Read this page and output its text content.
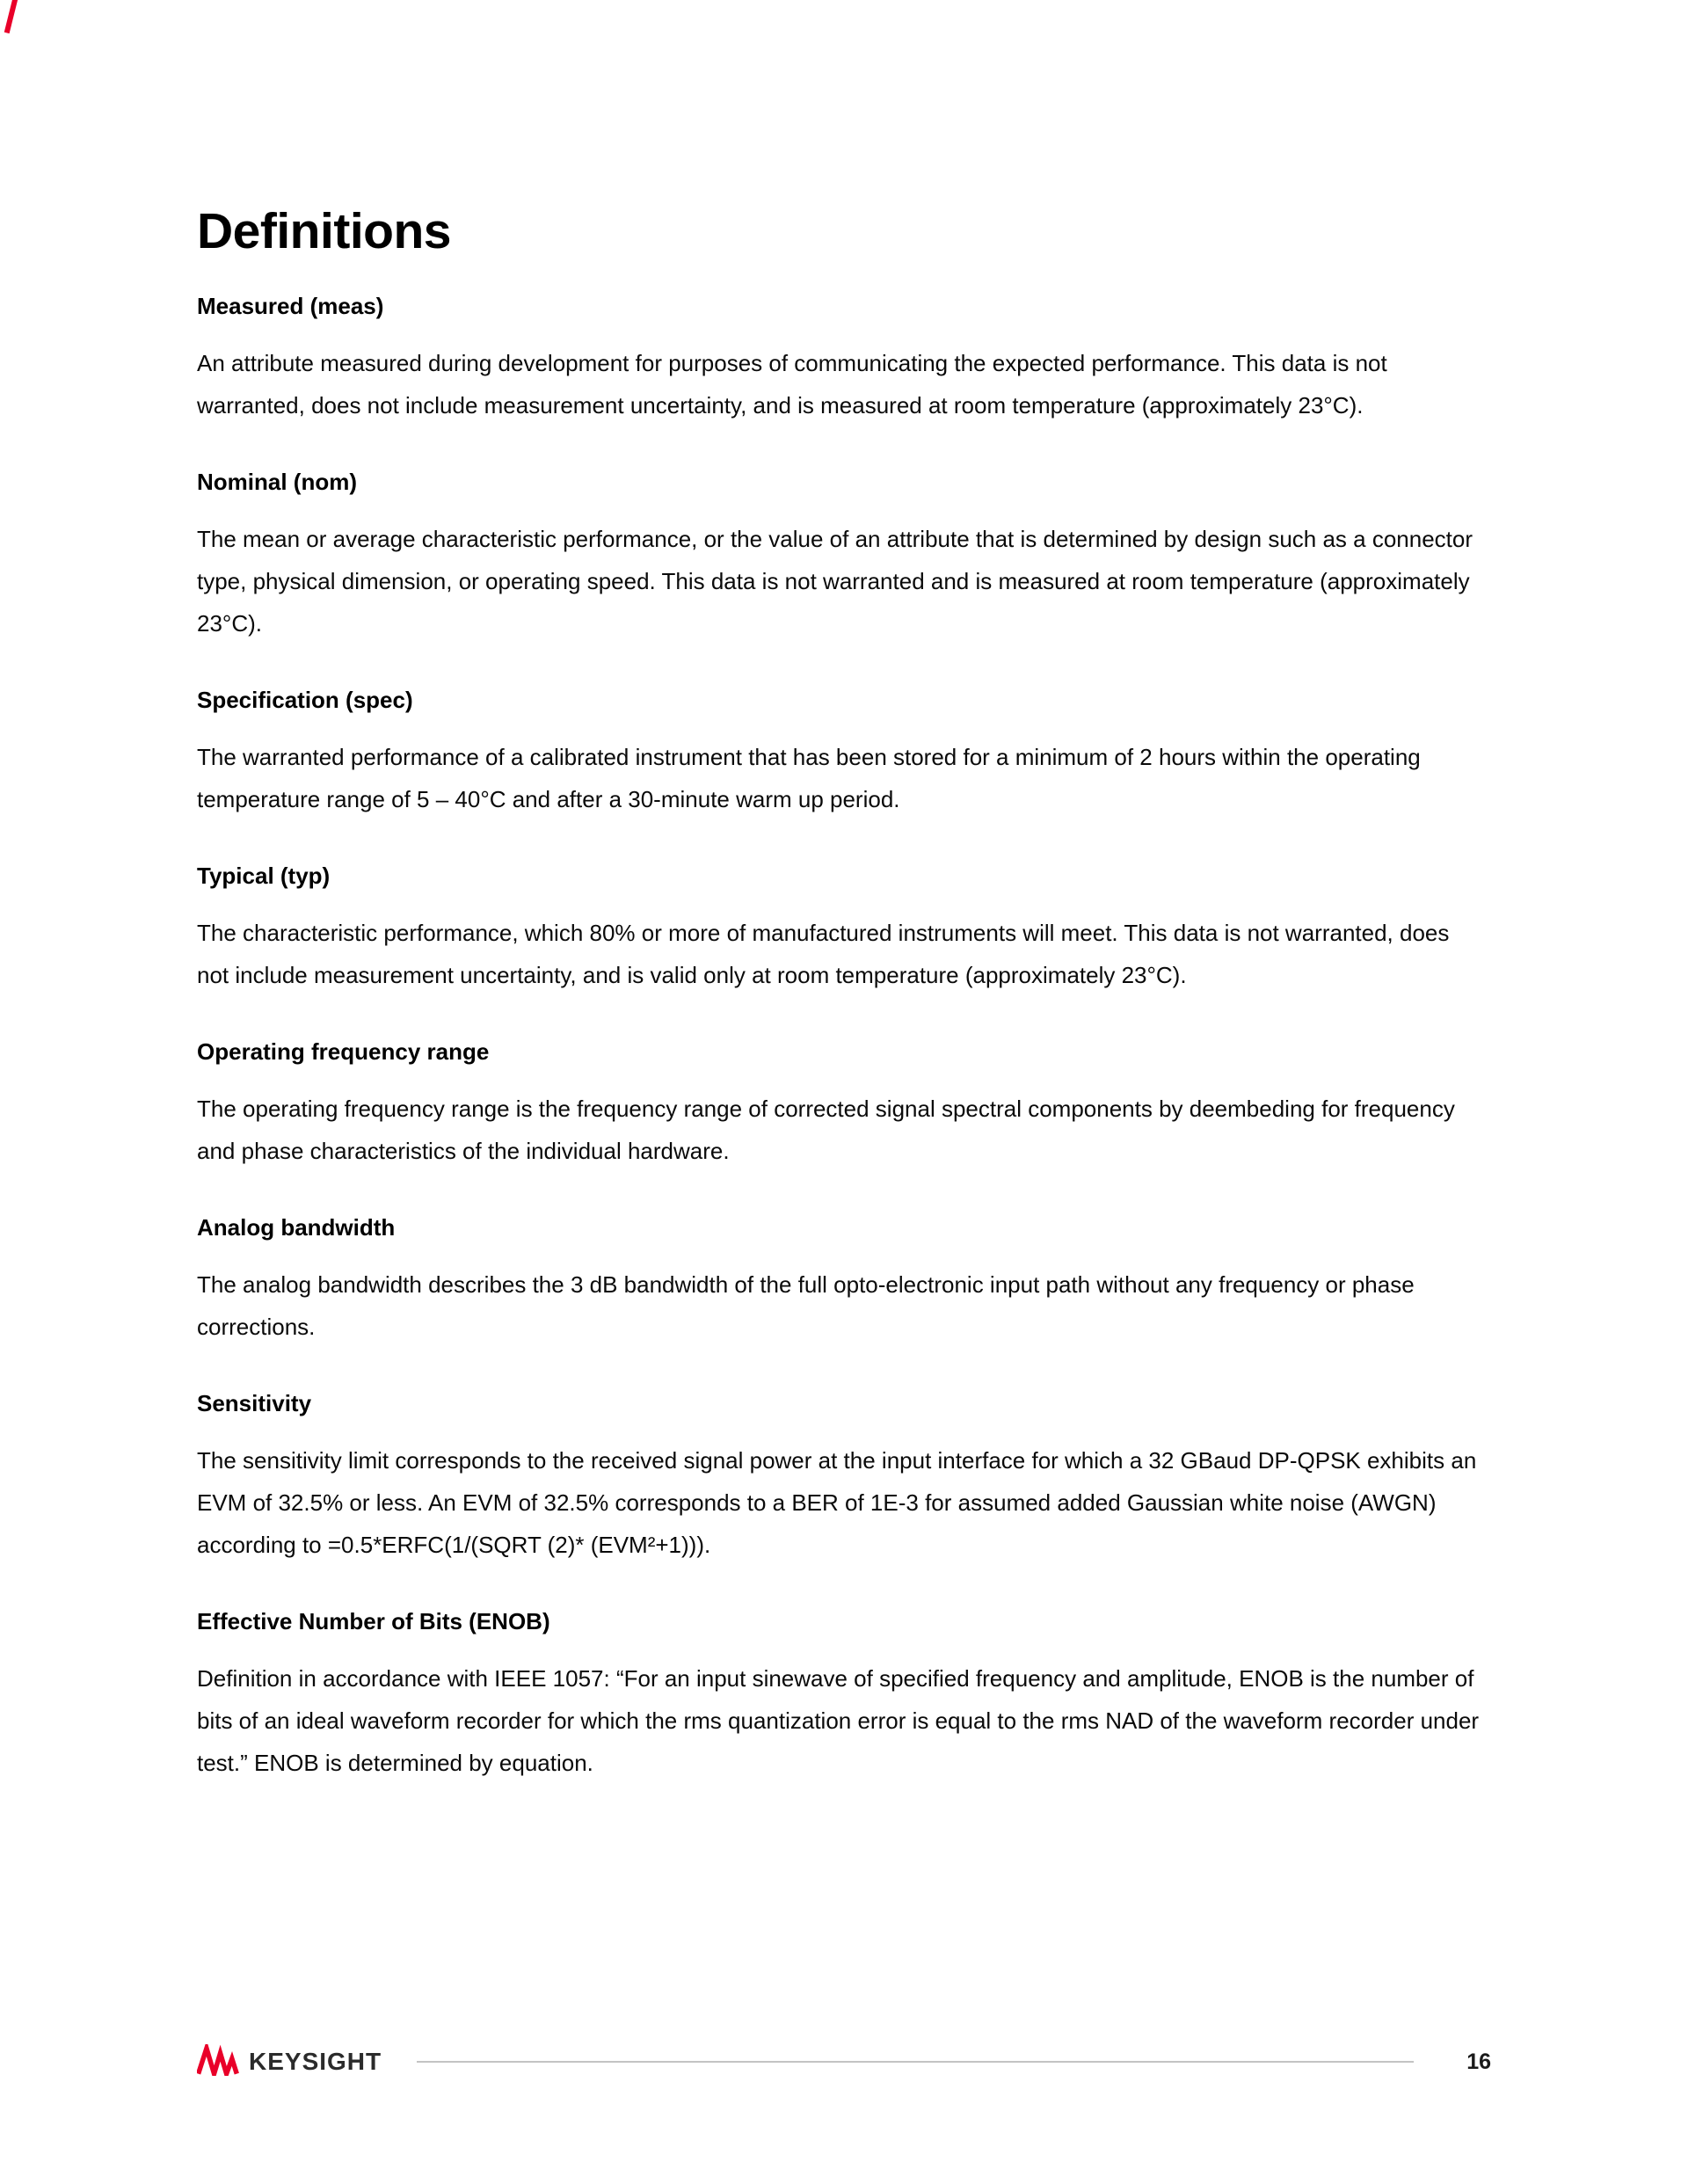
Definitions
Measured (meas)

An attribute measured during development for purposes of communicating the expected performance. This data is not warranted, does not include measurement uncertainty, and is measured at room temperature (approximately 23°C).

Nominal (nom)

The mean or average characteristic performance, or the value of an attribute that is determined by design such as a connector type, physical dimension, or operating speed. This data is not warranted and is measured at room temperature (approximately 23°C).

Specification (spec)

The warranted performance of a calibrated instrument that has been stored for a minimum of 2 hours within the operating temperature range of 5 – 40°C and after a 30-minute warm up period.

Typical (typ)

The characteristic performance, which 80% or more of manufactured instruments will meet. This data is not warranted, does not include measurement uncertainty, and is valid only at room temperature (approximately 23°C).

Operating frequency range

The operating frequency range is the frequency range of corrected signal spectral components by deembeding for frequency and phase characteristics of the individual hardware.

Analog bandwidth

The analog bandwidth describes the 3 dB bandwidth of the full opto-electronic input path without any frequency or phase corrections.

Sensitivity

The sensitivity limit corresponds to the received signal power at the input interface for which a 32 GBaud DP-QPSK exhibits an EVM of 32.5% or less. An EVM of 32.5% corresponds to a BER of 1E-3 for assumed added Gaussian white noise (AWGN) according to =0.5*ERFC(1/(SQRT (2)* (EVM²+1))).

Effective Number of Bits (ENOB)

Definition in accordance with IEEE 1057: “For an input sinewave of specified frequency and amplitude, ENOB is the number of bits of an ideal waveform recorder for which the rms quantization error is equal to the rms NAD of the waveform recorder under test.” ENOB is determined by equation.

KEYSIGHT	16
